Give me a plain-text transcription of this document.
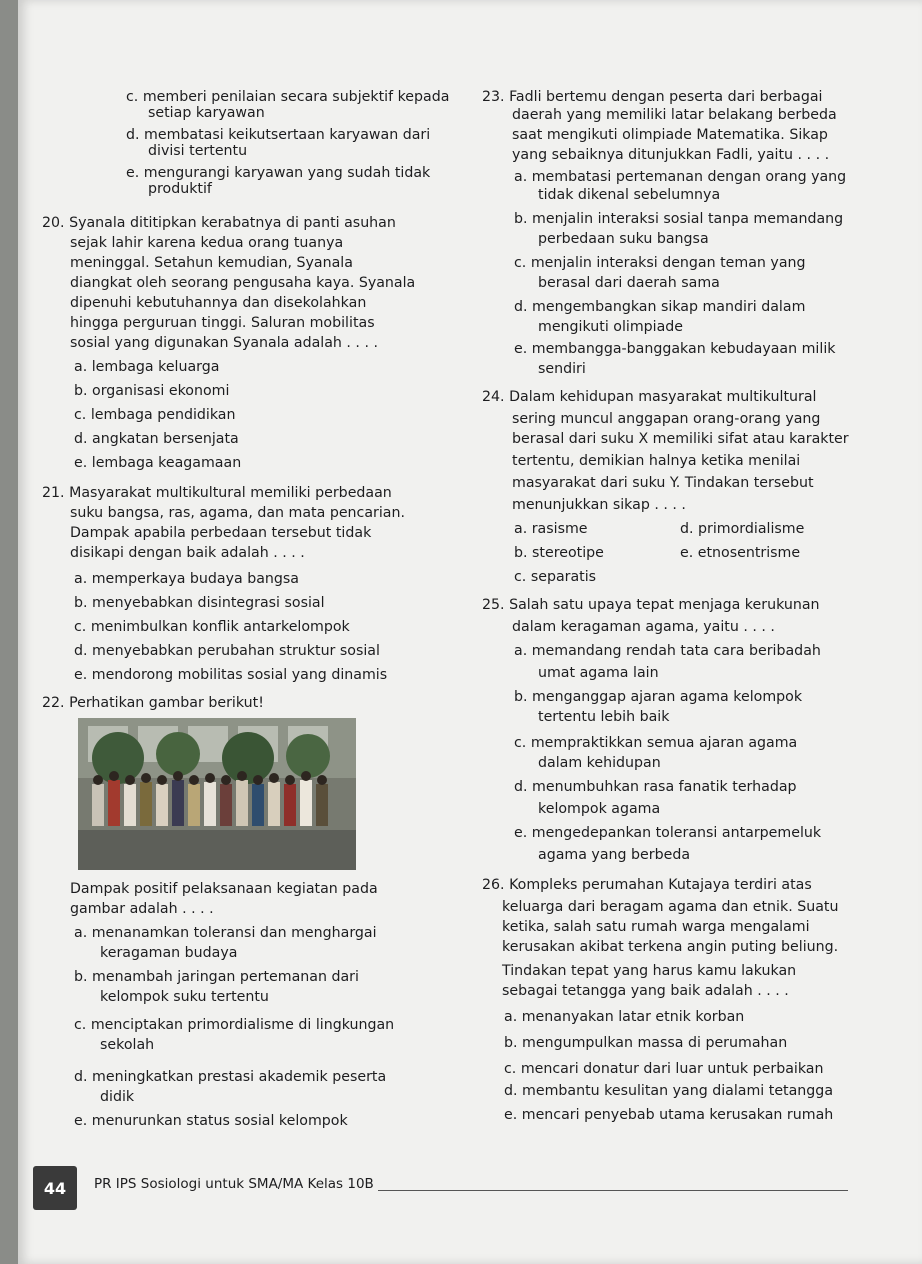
c. memberi penilaian secara subjektif kepada
setiap karyawan
d. membatasi keikutsertaan karyawan dari
divisi tertentu
e. mengurangi karyawan yang sudah tidak
produktif
20. Syanala dititipkan kerabatnya di panti asuhan
sejak lahir karena kedua orang tuanya
meninggal. Setahun kemudian, Syanala
diangkat oleh seorang pengusaha kaya. Syanala
dipenuhi kebutuhannya dan disekolahkan
hingga perguruan tinggi. Saluran mobilitas
sosial yang digunakan Syanala adalah . . . .
a. lembaga keluarga
b. organisasi ekonomi
c. lembaga pendidikan
d. angkatan bersenjata
e. lembaga keagamaan
21. Masyarakat multikultural memiliki perbedaan
suku bangsa, ras, agama, dan mata pencarian.
Dampak apabila perbedaan tersebut tidak
disikapi dengan baik adalah . . . .
a. memperkaya budaya bangsa
b. menyebabkan disintegrasi sosial
c. menimbulkan konflik antarkelompok
d. menyebabkan perubahan struktur sosial
e. mendorong mobilitas sosial yang dinamis
22. Perhatikan gambar berikut!
Dampak positif pelaksanaan kegiatan pada
gambar adalah . . . .
a. menanamkan toleransi dan menghargai
keragaman budaya
b. menambah jaringan pertemanan dari
kelompok suku tertentu
c. menciptakan primordialisme di lingkungan
sekolah
d. meningkatkan prestasi akademik peserta
didik
e. menurunkan status sosial kelompok
23. Fadli bertemu dengan peserta dari berbagai
daerah yang memiliki latar belakang berbeda
saat mengikuti olimpiade Matematika. Sikap
yang sebaiknya ditunjukkan Fadli, yaitu . . . .
a. membatasi pertemanan dengan orang yang
tidak dikenal sebelumnya
b. menjalin interaksi sosial tanpa memandang
perbedaan suku bangsa
c. menjalin interaksi dengan teman yang
berasal dari daerah sama
d. mengembangkan sikap mandiri dalam
mengikuti olimpiade
e. membangga-banggakan kebudayaan milik
sendiri
24. Dalam kehidupan masyarakat multikultural
sering muncul anggapan orang-orang yang
berasal dari suku X memiliki sifat atau karakter
tertentu, demikian halnya ketika menilai
masyarakat dari suku Y. Tindakan tersebut
menunjukkan sikap . . . .
a. rasisme	d. primordialisme
b. stereotipe	e. etnosentrisme
c. separatis
25. Salah satu upaya tepat menjaga kerukunan
dalam keragaman agama, yaitu . . . .
a. memandang rendah tata cara beribadah
umat agama lain
b. menganggap ajaran agama kelompok
tertentu lebih baik
c. mempraktikkan semua ajaran agama
dalam kehidupan
d. menumbuhkan rasa fanatik terhadap
kelompok agama
e. mengedepankan toleransi antarpemeluk
agama yang berbeda
26. Kompleks perumahan Kutajaya terdiri atas
keluarga dari beragam agama dan etnik. Suatu
ketika, salah satu rumah warga mengalami
kerusakan akibat terkena angin puting beliung.
Tindakan tepat yang harus kamu lakukan
sebagai tetangga yang baik adalah . . . .
a. menanyakan latar etnik korban
b. mengumpulkan massa di perumahan
c. mencari donatur dari luar untuk perbaikan
d. membantu kesulitan yang dialami tetangga
e. mencari penyebab utama kerusakan rumah
44	PR IPS Sosiologi untuk SMA/MA Kelas 10B
